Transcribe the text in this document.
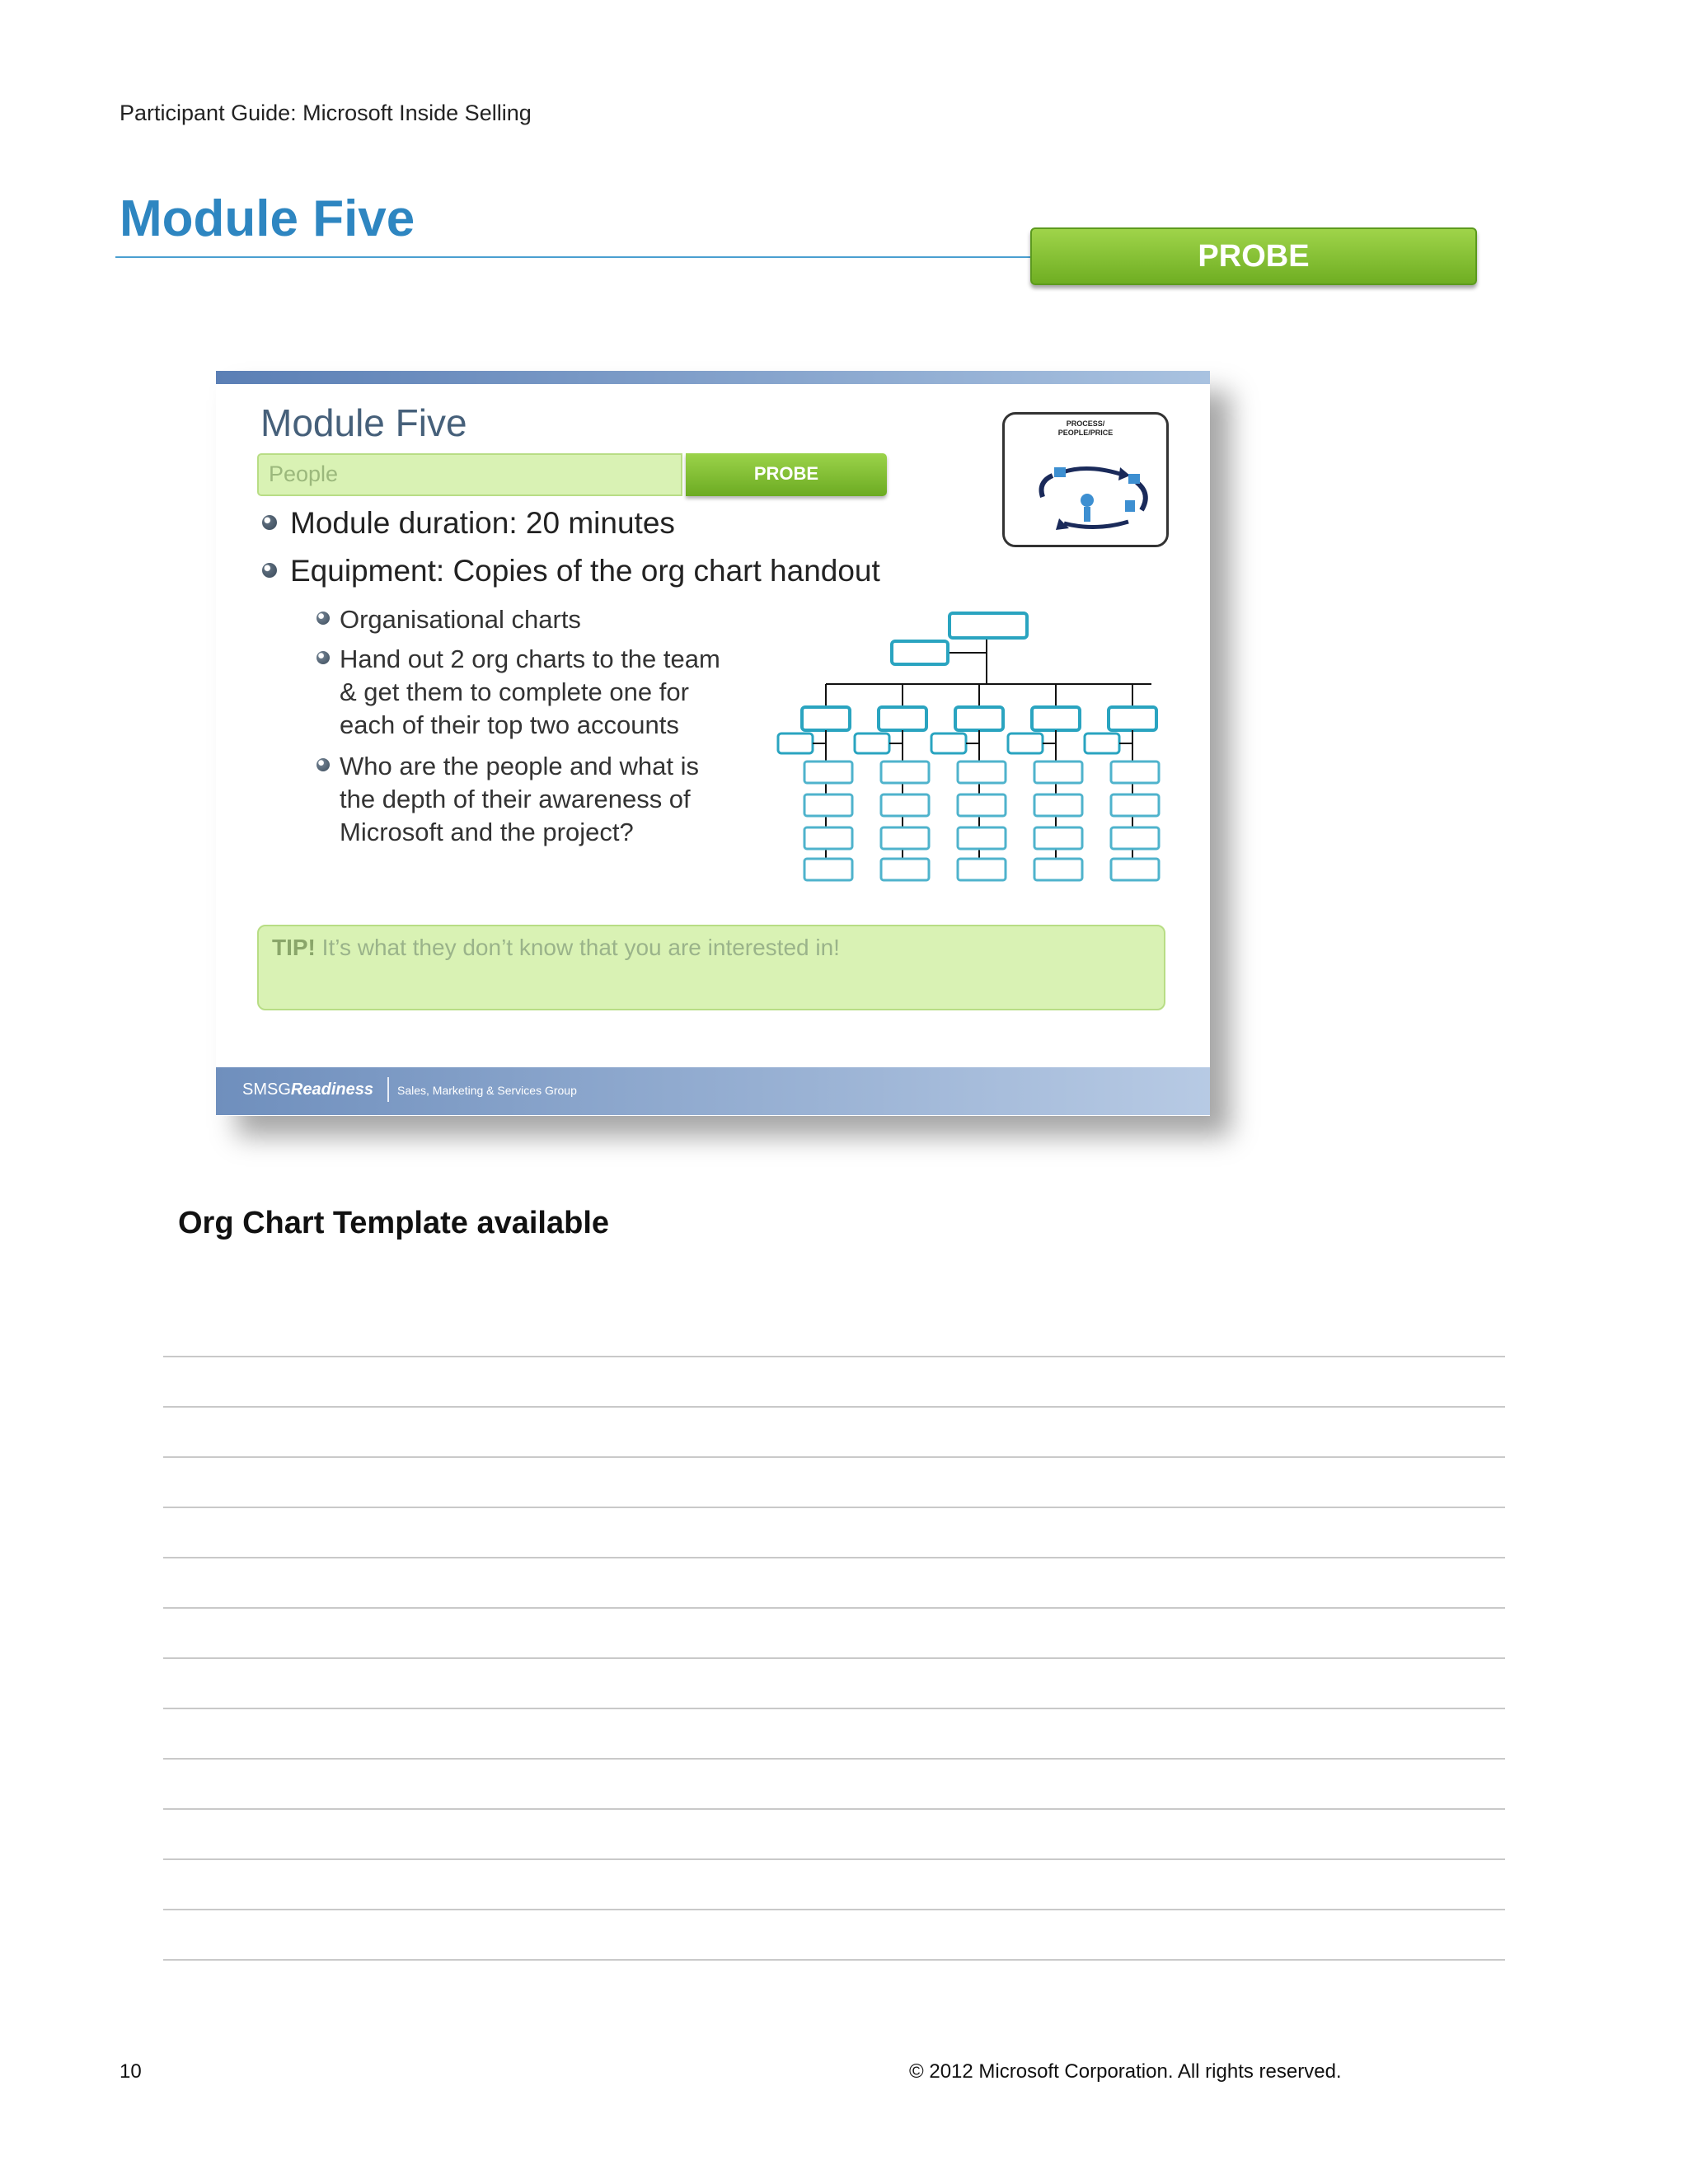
Participant Guide: Microsoft Inside Selling
Module Five
PROBE
Module Five
People	PROBE
PROCESS/
PEOPLE/PRICE
Module duration: 20 minutes
Equipment: Copies of the org chart handout
Organisational charts
Hand out 2 org charts to the team
& get them to complete one for
each of their top two accounts
Who are the people and what is
the depth of their awareness of
Microsoft and the project?
TIP! It’s what they don’t know that you are interested in!
SMSGReadiness Sales, Marketing & Services Group
Org Chart Template available
10	© 2012 Microsoft Corporation. All rights reserved.
